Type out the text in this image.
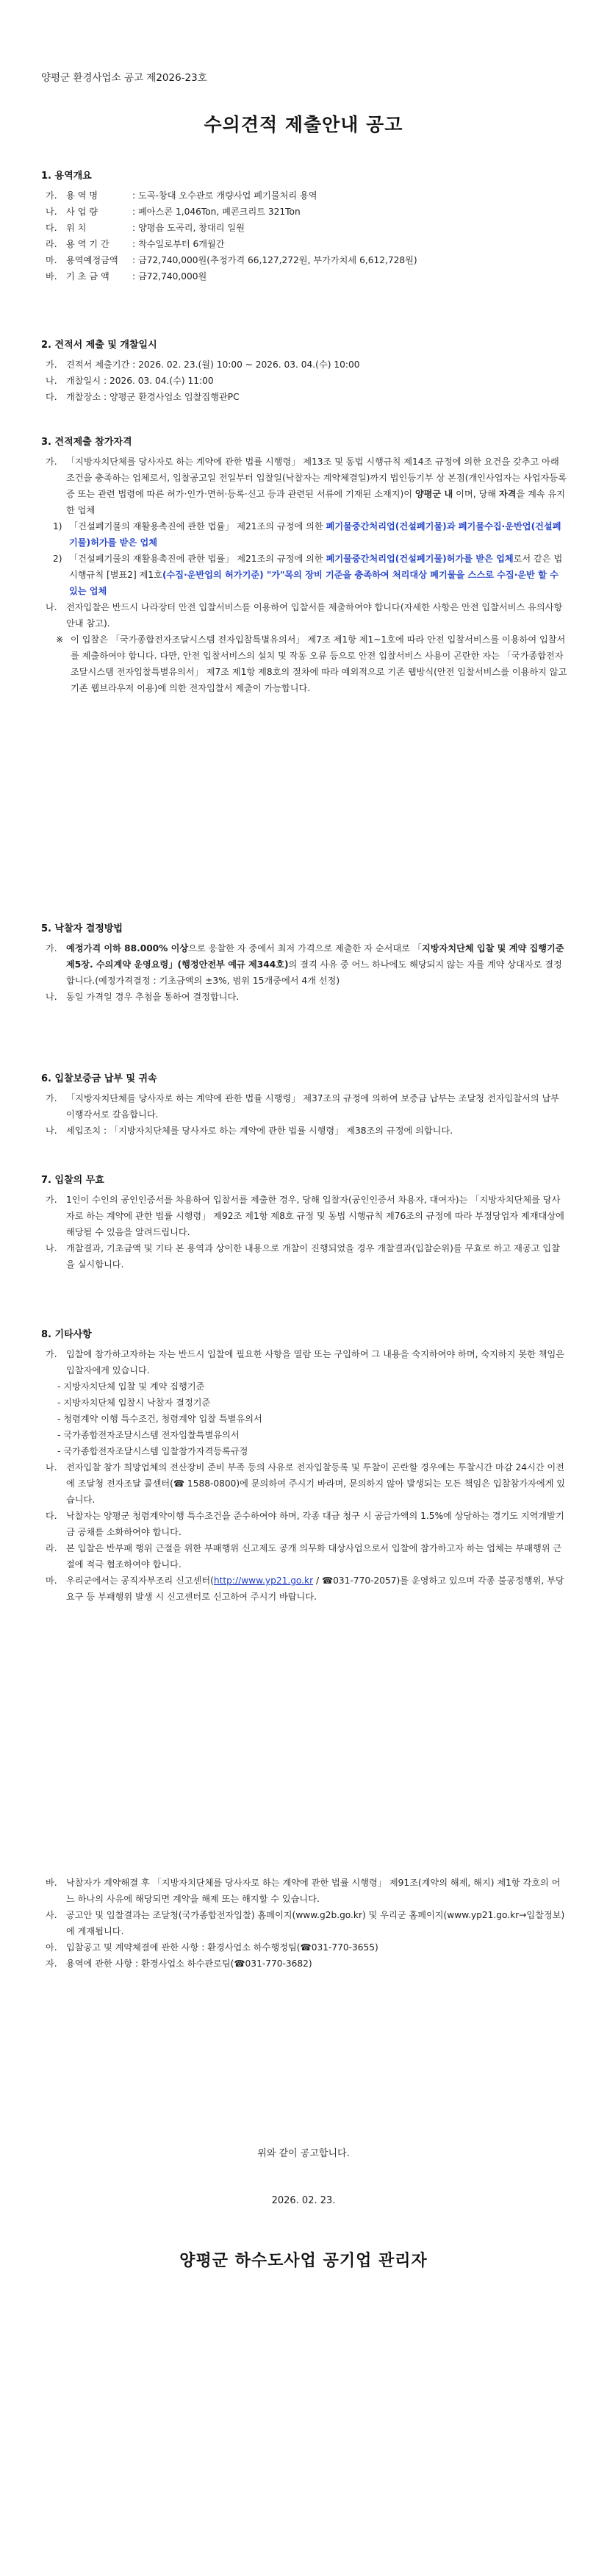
양평군 환경사업소 공고 제2026-23호
수의견적 제출안내 공고
1. 용역개요
가.	용 역 명	: 도곡-창대 오수관로 개량사업 폐기물처리 용역
나.	사 업 량	: 폐아스콘 1,046Ton, 폐콘크리트 321Ton
다.	위 치	: 양평읍 도곡리, 창대리 일원
라.	용 역 기 간	: 착수일로부터 6개월간
마.	용역예정금액 : 금72,740,000원(추정가격 66,127,272원, 부가가치세 6,612,728원)
바.	기 초 금 액	: 금72,740,000원
2. 견적서 제출 및 개찰일시
가.	견적서 제출기간 : 2026. 02. 23.(월) 10:00 ~ 2026. 03. 04.(수) 10:00
나.	개찰일시 : 2026. 03. 04.(수) 11:00
다.	개찰장소 : 양평군 환경사업소 입찰집행관PC
3. 견적제출 참가자격
가.	「지방자치단체를 당사자로 하는 계약에 관한 법률 시행령」 제13조 및 동법 시행규칙 제14조 규정에 의한 요건을 갖추고 아래 조건을 충족하는 업체로서, 입찰공고일 전일부터 입찰일(낙찰자는 계약체결일)까지 법인등기부 상 본점(개인사업자는 사업자등록증 또는 관련 법령에 따른 허가·인가·면허·등록·신고 등과 관련된 서류에 기재된 소재지)이 양평군 내 이며, 당해 자격을 계속 유지한 업체
1) 「건설폐기물의 재활용촉진에 관한 법률」 제21조의 규정에 의한 폐기물중간처리업(건설폐기물)과 폐기물수집·운반업(건설폐기물)허가를 받은 업체
2) 「건설폐기물의 재활용촉진에 관한 법률」 제21조의 규정에 의한 폐기물중간처리업(건설폐기물)허가를 받은 업체로서 같은 법 시행규칙 [별표2] 제1호(수집·운반업의 허가기준) "가"목의 장비 기준을 충족하여 처리대상 폐기물을 스스로 수집·운반 할 수 있는 업체
나.	전자입찰은 반드시 나라장터 안전 입찰서비스를 이용하여 입찰서를 제출하여야 합니다(자세한 사항은 안전 입찰서비스 유의사항 안내 참고).
※ 이 입찰은 「국가종합전자조달시스템 전자입찰특별유의서」 제7조 제1항 제1~1호에 따라 안전 입찰서비스를 이용하여 입찰서를 제출하여야 합니다. 다만, 안전 입찰서비스의 설치 및 작동 오류 등으로 안전 입찰서비스 사용이 곤란한 자는 「국가종합전자조달시스템 전자입찰특별유의서」 제7조 제1항 제8호의 절차에 따라 예외적으로 기존 웹방식(안전 입찰서비스를 이용하지 않고 기존 웹브라우저 이용)에 의한 전자입찰서 제출이 가능합니다.
5. 낙찰자 결정방법
가.	예정가격 이하 88.000% 이상으로 응찰한 자 중에서 최저 가격으로 제출한 자 순서대로 「지방자치단체 입찰 및 계약 집행기준 제5장. 수의계약 운영요령」(행정안전부 예규 제344호)의 결격 사유 중 어느 하나에도 해당되지 않는 자를 계약 상대자로 결정합니다.(예정가격결정 : 기초금액의 ±3%, 범위 15개중에서 4개 선정)
나.	동일 가격일 경우 추첨을 통하여 결정합니다.
6. 입찰보증금 납부 및 귀속
가.	「지방자치단체를 당사자로 하는 계약에 관한 법률 시행령」 제37조의 규정에 의하여 보증금 납부는 조달청 전자입찰서의 납부이행각서로 갈음합니다.
나.	세입조치 : 「지방자치단체를 당사자로 하는 계약에 관한 법률 시행령」 제38조의 규정에 의합니다.
7. 입찰의 무효
가.	1인이 수인의 공인인증서를 차용하여 입찰서를 제출한 경우, 당해 입찰자(공인인증서 차용자, 대여자)는 「지방자치단체를 당사자로 하는 계약에 관한 법률 시행령」 제92조 제1항 제8호 규정 및 동법 시행규칙 제76조의 규정에 따라 부정당업자 제재대상에 해당될 수 있음을 알려드립니다.
나.	개찰결과, 기초금액 및 기타 본 용역과 상이한 내용으로 개찰이 진행되었을 경우 개찰결과(입찰순위)를 무효로 하고 재공고 입찰을 실시합니다.
8. 기타사항
가.	입찰에 참가하고자하는 자는 반드시 입찰에 필요한 사항을 열람 또는 구입하여 그 내용을 숙지하여야 하며, 숙지하지 못한 책임은 입찰자에게 있습니다.
- 지방자치단체 입찰 및 계약 집행기준
- 지방자치단체 입찰시 낙찰자 결정기준
- 청렴계약 이행 특수조건, 청렴계약 입찰 특별유의서
- 국가종합전자조달시스템 전자입찰특별유의서
- 국가종합전자조달시스템 입찰참가자격등록규정
나.	전자입찰 참가 희망업체의 전산장비 준비 부족 등의 사유로 전자입찰등록 및 투찰이 곤란할 경우에는 투찰시간 마감 24시간 이전에 조달청 전자조달 콜센터(☎ 1588-0800)에 문의하여 주시기 바라며, 문의하지 않아 발생되는 모든 책임은 입찰참가자에게 있습니다.
다.	낙찰자는 양평군 청렴계약이행 특수조건을 준수하여야 하며, 각종 대금 청구 시 공급가액의 1.5%에 상당하는 경기도 지역개발기금 공채를 소화하여야 합니다.
라.	본 입찰은 반부패 행위 근절을 위한 부패행위 신고제도 공개 의무화 대상사업으로서 입찰에 참가하고자 하는 업체는 부패행위 근절에 적극 협조하여야 합니다.
마.	우리군에서는 공직자부조리 신고센터(http://www.yp21.go.kr / ☎031-770-2057)를 운영하고 있으며 각종 불공정행위, 부당요구 등 부패행위 발생 시 신고센터로 신고하여 주시기 바랍니다.
바.	낙찰자가 계약해결 후 「지방자치단체를 당사자로 하는 계약에 관한 법률 시행령」 제91조(계약의 해제, 해지) 제1항 각호의 어느 하나의 사유에 해당되면 계약을 해제 또는 해지할 수 있습니다.
사.	공고안 및 입찰결과는 조달청(국가종합전자입찰) 홈페이지(www.g2b.go.kr) 및 우리군 홈페이지(www.yp21.go.kr→입찰정보)에 게재됩니다.
아.	입찰공고 및 계약체결에 관한 사항 : 환경사업소 하수행정팀(☎031-770-3655)
자.	용역에 관한 사항 : 환경사업소 하수관로팀(☎031-770-3682)
위와 같이 공고합니다.
2026. 02. 23.
양평군 하수도사업 공기업 관리자
